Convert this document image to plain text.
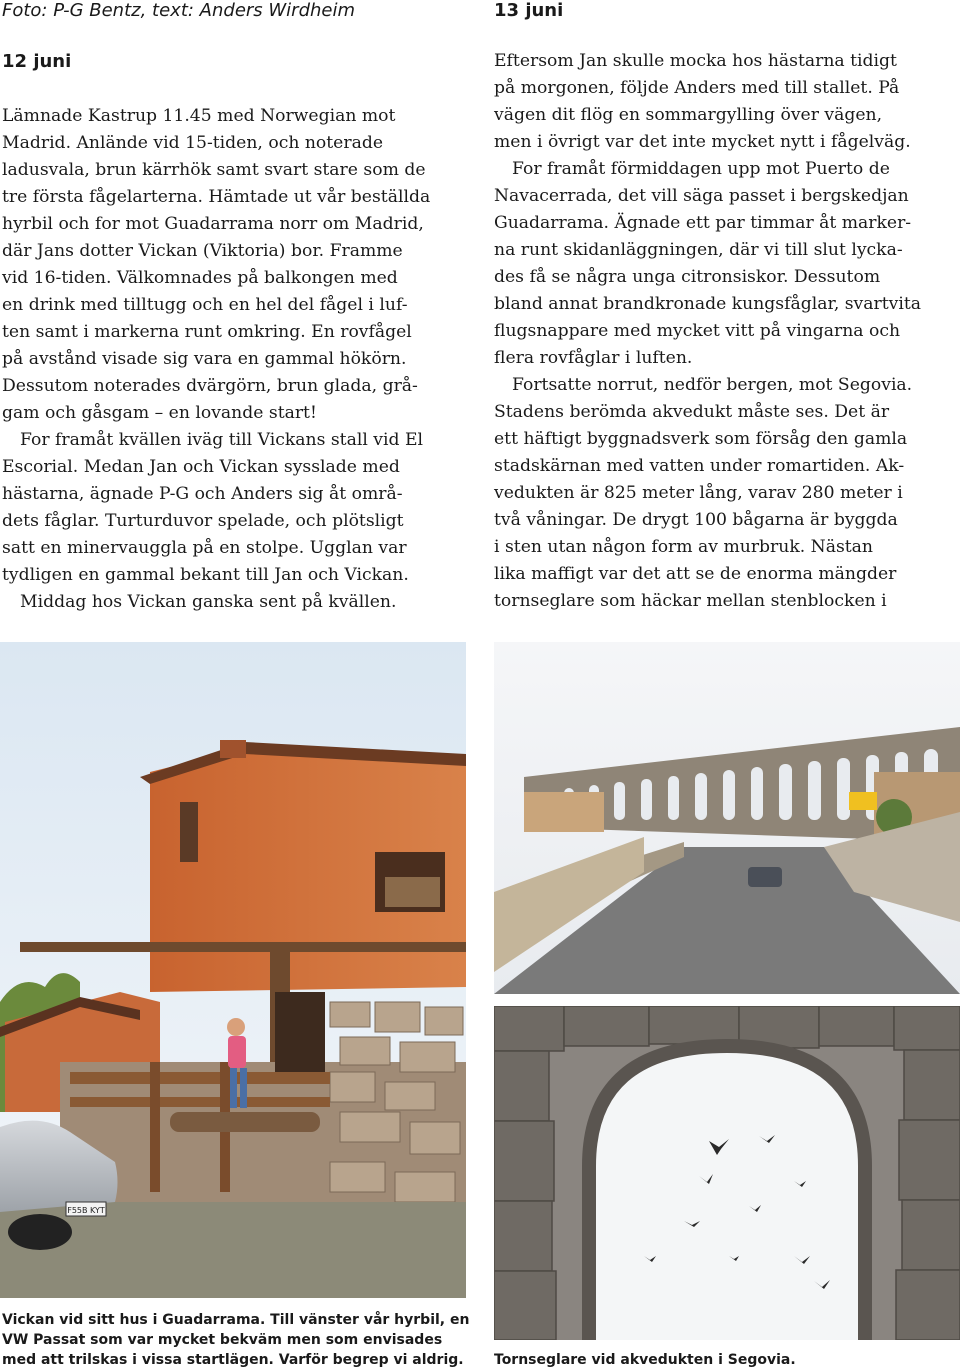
Foto: P-G Bentz, text: Anders Wirdheim
12 juni

Lämnade Kastrup 11.45 med Norwegian mot

Madrid. Anlände vid 15-tiden, och noterade

ladusvala, brun kärrhök samt svart stare som de

tre första fågelarterna. Hämtade ut vår beställda

hyrbil och for mot Guadarrama norr om Madrid,

där Jans dotter Vickan (Viktoria) bor. Framme

vid 16-tiden. Välkomnades på balkongen med

en drink med tilltugg och en hel del fågel i luf-

ten samt i markerna runt omkring. En rovfågel

på avstånd visade sig vara en gammal hökörn.

Dessutom noterades dvärgörn, brun glada, grå-

gam och gåsgam – en lovande start!

For framåt kvällen iväg till Vickans stall vid El

Escorial. Medan Jan och Vickan sysslade med

hästarna, ägnade P-G och Anders sig åt områ-

dets fåglar. Turturduvor spelade, och plötsligt

satt en minervauggla på en stolpe. Ugglan var

tydligen en gammal bekant till Jan och Vickan.

Middag hos Vickan ganska sent på kvällen.

13 juni

Eftersom Jan skulle mocka hos hästarna tidigt

på morgonen, följde Anders med till stallet. På

vägen dit flög en sommargylling över vägen,

men i övrigt var det inte mycket nytt i fågelväg.

For framåt förmiddagen upp mot Puerto de

Navacerrada, det vill säga passet i bergskedjan

Guadarrama. Ägnade ett par timmar åt marker-

na runt skidanläggningen, där vi till slut lycka-

des få se några unga citronsiskor. Dessutom

bland annat brandkronade kungsfåglar, svartvita

flugsnappare med mycket vitt på vingarna och

flera rovfåglar i luften.

Fortsatte norrut, nedför bergen, mot Segovia.

Stadens berömda akvedukt måste ses. Det är

ett häftigt byggnadsverk som försåg den gamla

stadskärnan med vatten under romartiden. Ak-

vedukten är 825 meter lång, varav 280 meter i

två våningar. De drygt 100 bågarna är byggda

i sten utan någon form av murbruk. Nästan

lika maffigt var det att se de enorma mängder

tornseglare som häckar mellan stenblocken i

F55B KYT
Vickan vid sitt hus i Guadarrama. Till vänster vår hyrbil, en
VW Passat som var mycket bekväm men som envisades
med att trilskas i vissa startlägen. Varför begrep vi aldrig.	Tornseglare vid akvedukten i Segovia.
